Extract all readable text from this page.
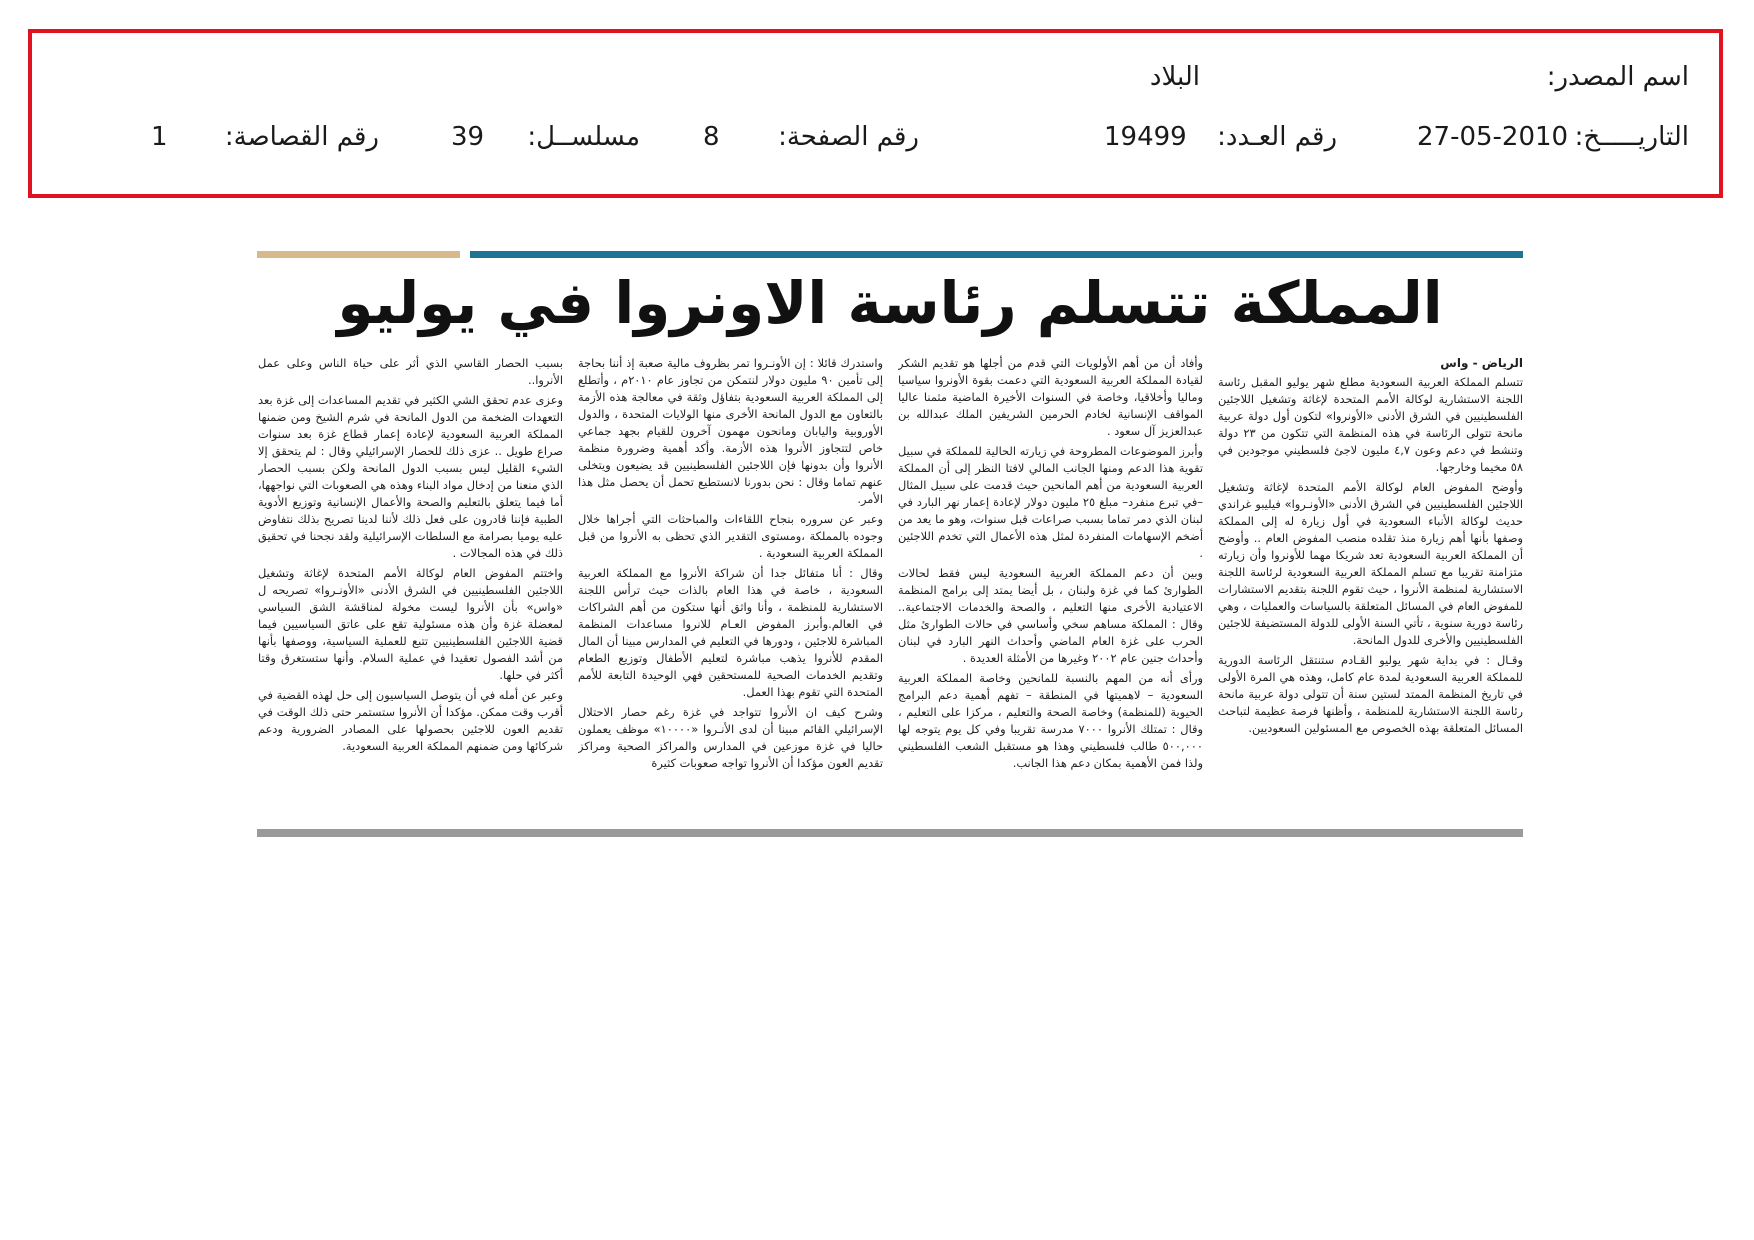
اسم المصدر:
البلاد
التاريـــــخ:
27-05-2010
رقم العـدد:
19499
رقم الصفحة:
8
مسلســل:
39
رقم القصاصة:
1
المملكة تتسلم رئاسة الاونروا في يوليو
الرياض - واس

تتسلم المملكة العربية السعودية مطلع شهر يوليو المقبل رئاسة اللجنة الاستشارية لوكالة الأمم المتحدة لإغاثة وتشغيل اللاجئين الفلسطينيين في الشرق الأدنى «الأونروا» لتكون أول دولة عربية مانحة تتولى الرئاسة في هذه المنظمة التي تتكون من ٢٣ دولة وتنشط في دعم وعون ٤,٧ مليون لاجئ فلسطيني موجودين في ٥٨ مخيما وخارجها.

وأوضح المفوض العام لوكالة الأمم المتحدة لإغاثة وتشغيل اللاجئين الفلسطينيين في الشرق الأدنى «الأونـروا» فيليبو غراندي حديث لوكالة الأنباء السعودية في أول زيارة له إلى المملكة وصفها بأنها أهم زيارة منذ تقلده منصب المفوض العام .. وأوضح أن المملكة العربية السعودية تعد شريكا مهما للأونروا وأن زيارته متزامنة تقريبا مع تسلم المملكة العربية السعودية لرئاسة اللجنة الاستشارية لمنظمة الأنروا ، حيث تقوم اللجنة بتقديم الاستشارات للمفوض العام في المسائل المتعلقة بالسياسات والعمليات ، وهي رئاسة دورية سنوية ، تأتي السنة الأولى للدولة المستضيفة للاجئين الفلسطينيين والأخرى للدول المانحة.

وقـال : في بداية شهر يوليو القـادم ستنتقل الرئاسة الدورية للمملكة العربية السعودية لمدة عام كامل، وهذه هي المرة الأولى في تاريخ المنظمة الممتد لستين سنة أن تتولى دولة عربية مانحة رئاسة اللجنة الاستشارية للمنظمة ، وأظنها فرصة عظيمة لتباحث المسائل المتعلقة بهذه الخصوص مع المسئولين السعوديين.

وأفاد أن من أهم الأولويات التي قدم من أجلها هو تقديم الشكر لقيادة المملكة العربية السعودية التي دعمت بقوة الأونروا سياسيا وماليا وأخلاقيا، وخاصة في السنوات الأخيرة الماضية مثمنا عاليا المواقف الإنسانية لخادم الحرمين الشريفين الملك عبدالله بن عبدالعزيز آل سعود .

وأبرز الموضوعات المطروحة في زيارته الحالية للمملكة في سبيل تقوية هذا الدعم ومنها الجانب المالي لافتا النظر إلى أن المملكة العربية السعودية من أهم المانحين حيث قدمت على سبيل المثال –في تبرع منفرد– مبلغ ٢٥ مليون دولار لإعادة إعمار نهر البارد في لبنان الذي دمر تماما بسبب صراعات قبل سنوات، وهو ما يعد من أضخم الإسهامات المنفردة لمثل هذه الأعمال التي تخدم اللاجئين .

وبين أن دعم المملكة العربية السعودية ليس فقط لحالات الطوارئ كما في غزة ولبنان ، بل أيضا يمتد إلى برامج المنظمة الاعتيادية الأخرى منها التعليم ، والصحة والخدمات الاجتماعية.. وقال : المملكة مساهم سخي وأساسي في حالات الطوارئ مثل الحرب على غزة العام الماضي وأحداث النهر البارد في لبنان وأحداث جنين عام ٢٠٠٢ وغيرها من الأمثلة العديدة .

ورأى أنه من المهم بالنسبة للمانحين وخاصة المملكة العربية السعودية – لاهميتها في المنطقة – تفهم أهمية دعم البرامج الحيوية (للمنظمة) وخاصة الصحة والتعليم ، مركزا على التعليم ، وقال : تمتلك الأنروا ٧٠٠٠ مدرسة تقريبا وفي كل يوم يتوجه لها ٥٠٠,٠٠٠ طالب فلسطيني وهذا هو مستقبل الشعب الفلسطيني ولذا فمن الأهمية بمكان دعم هذا الجانب.

واستدرك قائلا : إن الأونـروا تمر بظروف مالية صعبة إذ أننا بحاجة إلى تأمين ٩٠ مليون دولار لنتمكن من تجاوز عام ٢٠١٠م ، وأتطلع إلى المملكة العربية السعودية بتفاؤل وثقة في معالجة هذه الأزمة بالتعاون مع الدول المانحة الأخرى منها الولايات المتحدة ، والدول الأوروبية واليابان ومانحون مهمون آخرون للقيام بجهد جماعي خاص لتتجاوز الأنروا هذه الأزمة. وأكد أهمية وضرورة منظمة الأنروا وأن بدونها فإن اللاجئين الفلسطينيين قد يضيعون ويتخلى عنهم تماما وقال : نحن بدورنا لانستطيع تحمل أن يحصل مثل هذا الأمر.

وعبر عن سروره بنجاح اللقاءات والمباحثات التي أجراها خلال وجوده بالمملكة ،ومستوى التقدير الذي تحظى به الأنروا من قبل المملكة العربية السعودية .

وقال : أنا متفائل جدا أن شراكة الأنروا مع المملكة العربية السعودية ، خاصة في هذا العام بالذات حيث ترأس اللجنة الاستشارية للمنظمة ، وأنا واثق أنها ستكون من أهم الشراكات في العالم.وأبرز المفوض العـام للانروا مساعدات المنظمة المباشرة للاجئين ، ودورها في التعليم في المدارس مبينا أن المال المقدم للأنروا يذهب مباشرة لتعليم الأطفال وتوزيع الطعام وتقديم الخدمات الصحية للمستحقين فهي الوحيدة التابعة للأمم المتحدة التي تقوم بهذا العمل.

وشرح كيف ان الأنروا تتواجد في غزة رغم حصار الاحتلال الإسرائيلي القائم مبينا أن لدى الأنـروا «١٠٠٠٠» موظف يعملون حاليا في غزة موزعين في المدارس والمراكز الصحية ومراكز تقديم العون مؤكدا أن الأنروا تواجه صعوبات كثيرة

بسبب الحصار القاسي الذي أثر على حياة الناس وعلى عمل الأنروا..

وعزى عدم تحقق الشي الكثير في تقديم المساعدات إلى غزة بعد التعهدات الضخمة من الدول المانحة في شرم الشيخ ومن ضمنها المملكة العربية السعودية لإعادة إعمار قطاع غزة بعد سنوات صراع طويل .. عزى ذلك للحصار الإسرائيلي وقال : لم يتحقق إلا الشيء القليل ليس بسبب الدول المانحة ولكن بسبب الحصار الذي منعنا من إدخال مواد البناء وهذه هي الصعوبات التي نواجهها، أما فيما يتعلق بالتعليم والصحة والأعمال الإنسانية وتوزيع الأدوية الطبية فإننا قادرون على فعل ذلك لأننا لدينا تصريح بذلك نتفاوض عليه يوميا بصرامة مع السلطات الإسرائيلية ولقد نجحنا في تحقيق ذلك في هذه المجالات .

واختتم المفوض العام لوكالة الأمم المتحدة لإغاثة وتشغيل اللاجئين الفلسطينيين في الشرق الأدنى «الأونـروا» تصريحه ل «واس» بأن الأنروا ليست مخولة لمناقشة الشق السياسي لمعضلة غزة وأن هذه مسئولية تقع على عاتق السياسيين فيما قضية اللاجئين الفلسطينيين تتبع للعملية السياسية، ووصفها بأنها من أشد الفصول تعقيدا في عملية السلام. وأنها ستستغرق وقتا أكثر في حلها.

وعبر عن أمله في أن يتوصل السياسيون إلى حل لهذه القضية في أقرب وقت ممكن. مؤكدا أن الأنروا ستستمر حتى ذلك الوقت في تقديم العون للاجئين بحصولها على المصادر الضرورية ودعم شركائها ومن ضمنهم المملكة العربية السعودية.
